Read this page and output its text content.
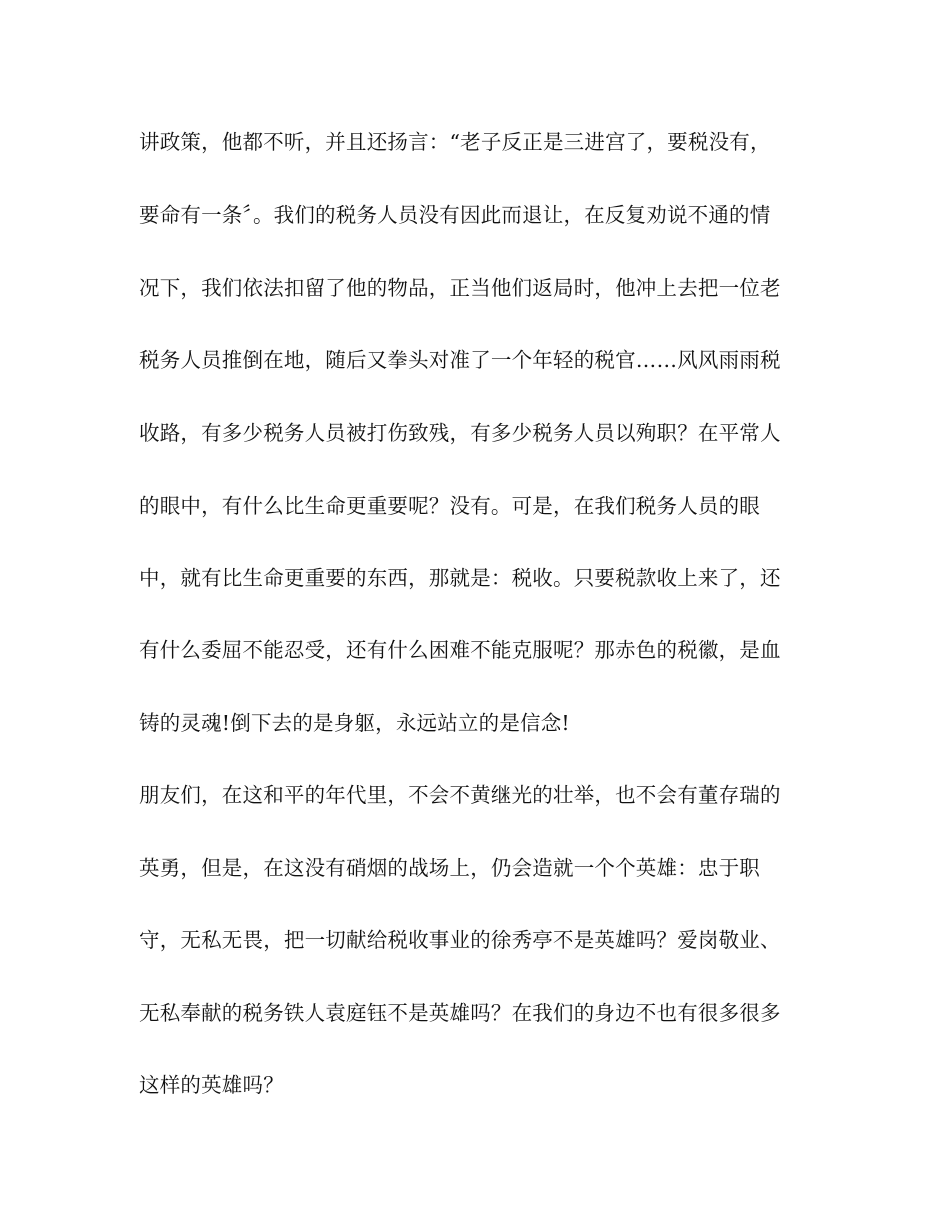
讲政策，他都不听，并且还扬言：“老子反正是三进宫了，要税没有，
要命有一条〞。我们的税务人员没有因此而退让，在反复劝说不通的情
况下，我们依法扣留了他的物品，正当他们返局时，他冲上去把一位老
税务人员推倒在地，随后又拳头对准了一个年轻的税官……风风雨雨税
收路，有多少税务人员被打伤致残，有多少税务人员以殉职？在平常人
的眼中，有什么比生命更重要呢？没有。可是，在我们税务人员的眼
中，就有比生命更重要的东西，那就是：税收。只要税款收上来了，还
有什么委屈不能忍受，还有什么困难不能克服呢？那赤色的税徽，是血
铸的灵魂!倒下去的是身躯，永远站立的是信念!
朋友们，在这和平的年代里，不会不黄继光的壮举，也不会有董存瑞的
英勇，但是，在这没有硝烟的战场上，仍会造就一个个英雄：忠于职
守，无私无畏，把一切献给税收事业的徐秀亭不是英雄吗？爱岗敬业、
无私奉献的税务铁人袁庭钰不是英雄吗？在我们的身边不也有很多很多
这样的英雄吗？
